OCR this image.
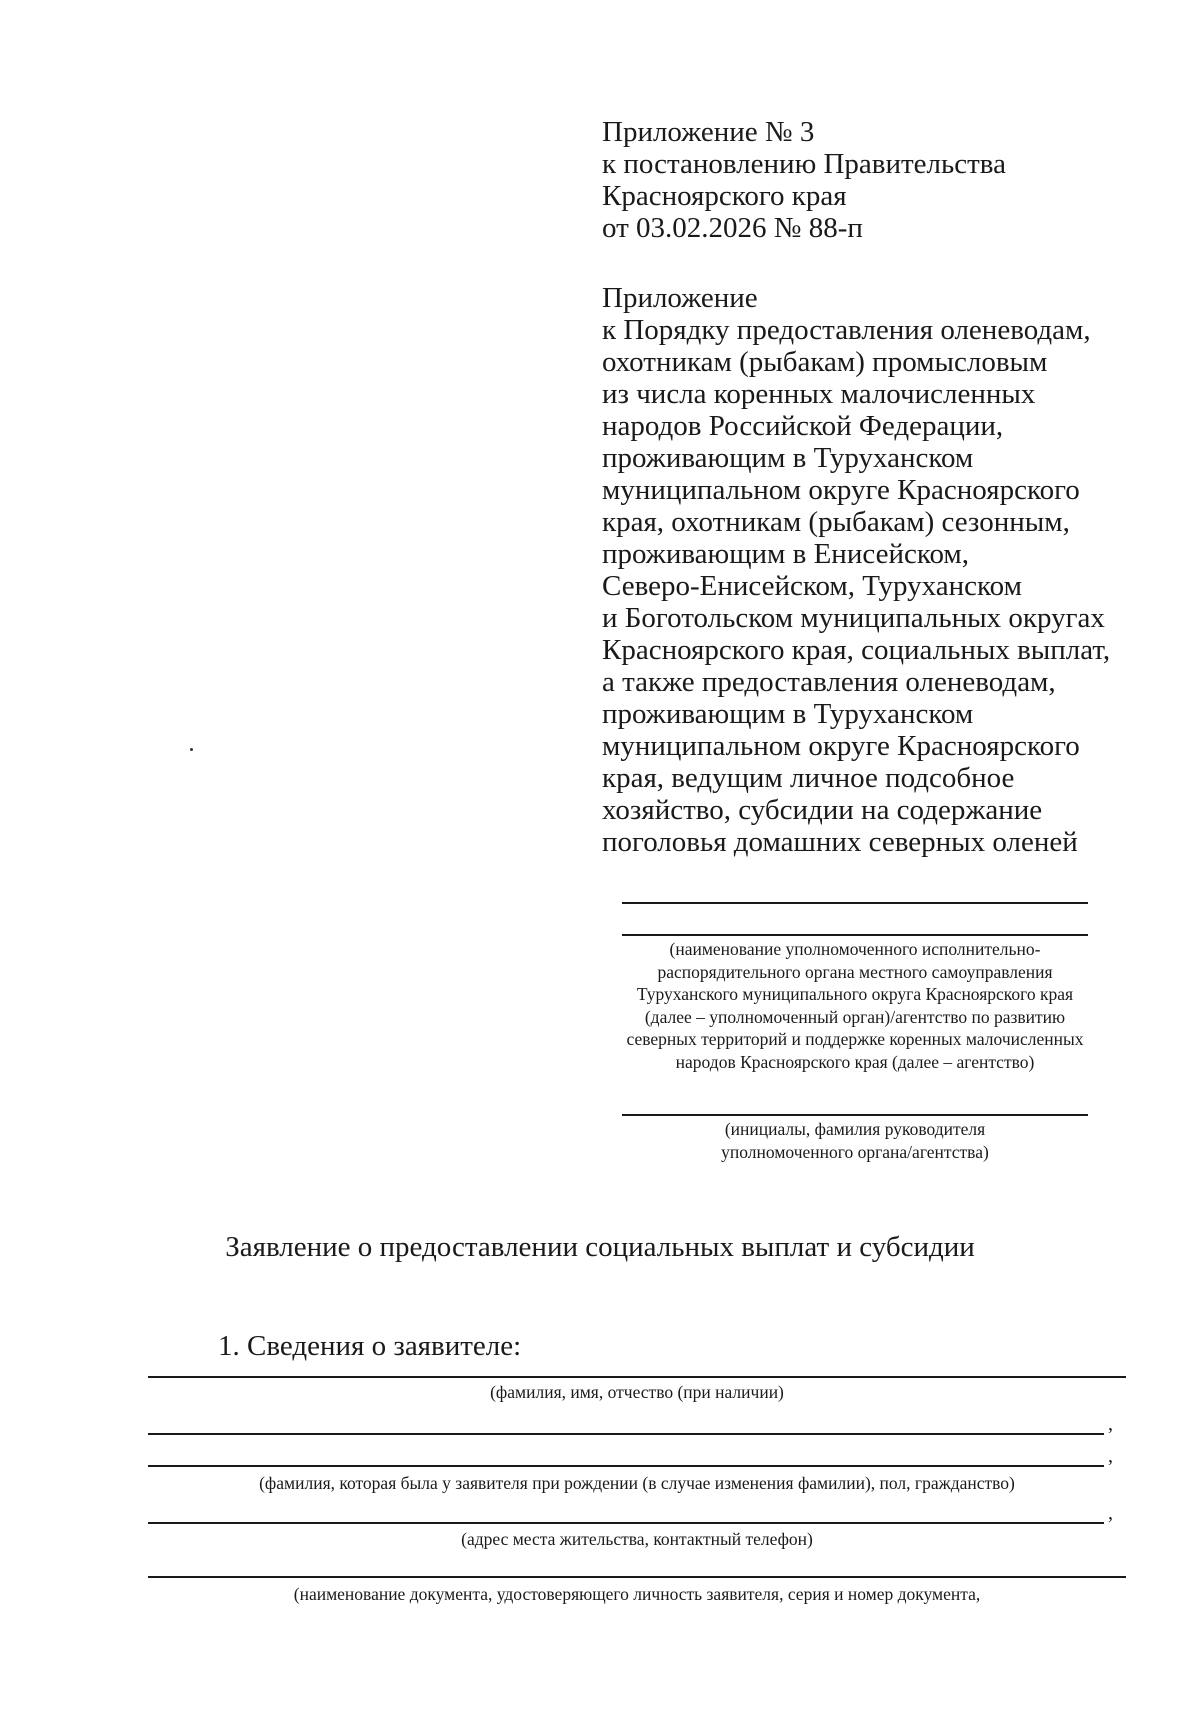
Приложение № 3
к постановлению Правительства
Красноярского края
от 03.02.2026 № 88-п
Приложение
к Порядку предоставления оленеводам,
охотникам (рыбакам) промысловым
из числа коренных малочисленных
народов Российской Федерации,
проживающим в Туруханском
муниципальном округе Красноярского
края, охотникам (рыбакам) сезонным,
проживающим в Енисейском,
Северо-Енисейском, Туруханском
и Боготольском муниципальных округах
Красноярского края, социальных выплат,
а также предоставления оленеводам,
проживающим в Туруханском
муниципальном округе Красноярского
края, ведущим личное подсобное
хозяйство, субсидии на содержание
поголовья домашних северных оленей
(наименование уполномоченного исполнительно-
распорядительного органа местного самоуправления
Туруханского муниципального округа Красноярского края
(далее – уполномоченный орган)/агентство по развитию
северных территорий и поддержке коренных малочисленных
народов Красноярского края (далее – агентство)
(инициалы, фамилия руководителя
уполномоченного органа/агентства)
Заявление о предоставлении социальных выплат и субсидии
1. Сведения о заявителе:
(фамилия, имя, отчество (при наличии)
,
,
(фамилия, которая была у заявителя при рождении (в случае изменения фамилии), пол, гражданство)
,
(адрес места жительства, контактный телефон)
(наименование документа, удостоверяющего личность заявителя, серия и номер документа,
